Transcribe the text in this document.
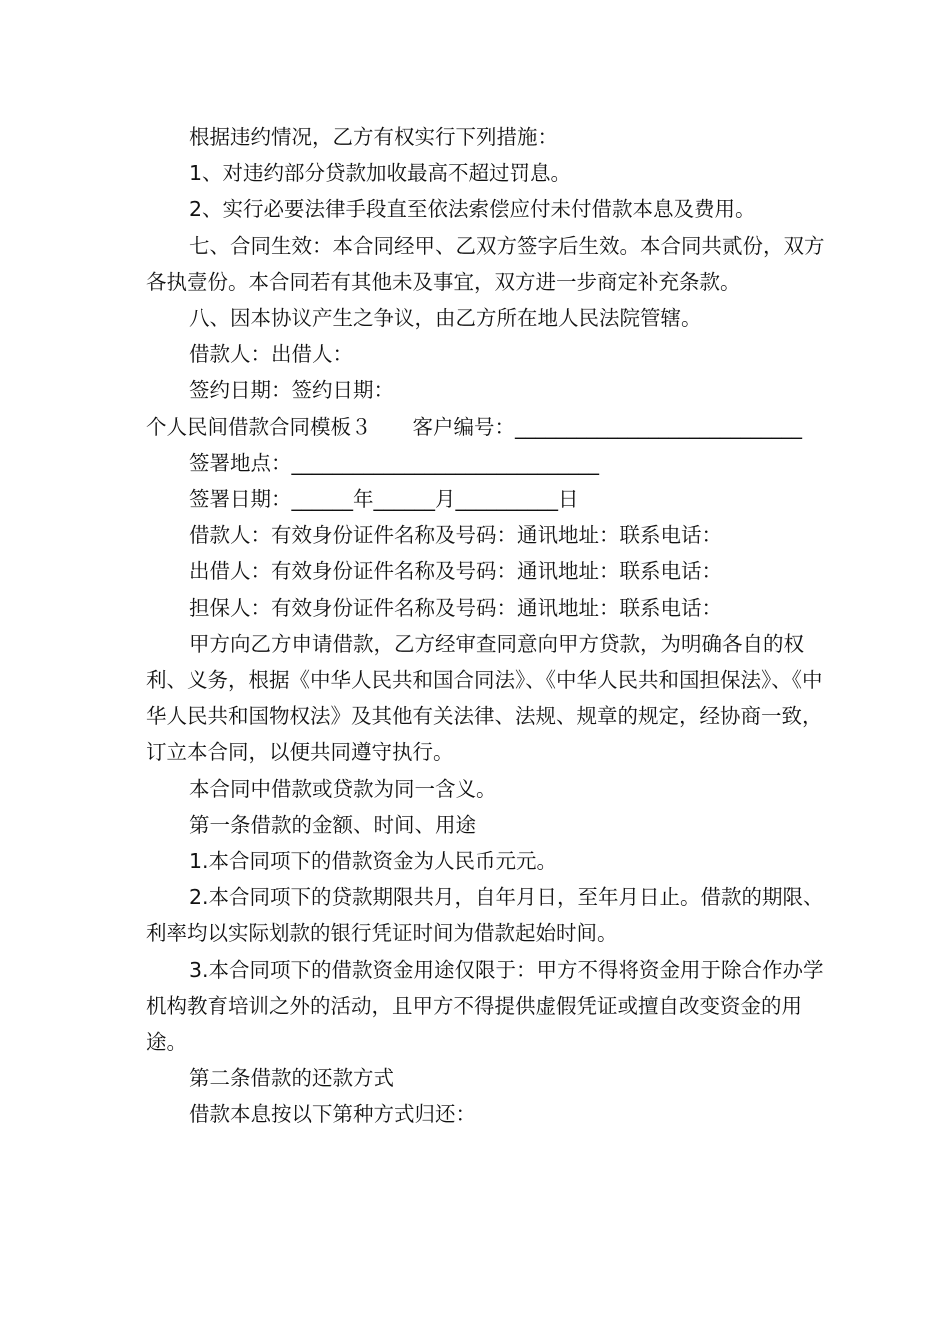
根据违约情况，乙方有权实行下列措施：

1、对违约部分贷款加收最高不超过罚息。

2、实行必要法律手段直至依法索偿应付未付借款本息及费用。

七、合同生效：本合同经甲、乙双方签字后生效。本合同共贰份，双方各执壹份。本合同若有其他未及事宜，双方进一步商定补充条款。

八、因本协议产生之争议，由乙方所在地人民法院管辖。

借款人：出借人：

签约日期：签约日期：

个人民间借款合同模板３　　客户编号：____________________________

签署地点：______________________________

签署日期：______年______月__________日

借款人：有效身份证件名称及号码：通讯地址：联系电话：

出借人：有效身份证件名称及号码：通讯地址：联系电话：

担保人：有效身份证件名称及号码：通讯地址：联系电话：

甲方向乙方申请借款，乙方经审查同意向甲方贷款，为明确各自的权利、义务，根据《中华人民共和国合同法》、《中华人民共和国担保法》、《中华人民共和国物权法》及其他有关法律、法规、规章的规定，经协商一致，订立本合同，以便共同遵守执行。

本合同中借款或贷款为同一含义。

第一条借款的金额、时间、用途

1.本合同项下的借款资金为人民币元元。

2.本合同项下的贷款期限共月，自年月日，至年月日止。借款的期限、利率均以实际划款的银行凭证时间为借款起始时间。

3.本合同项下的借款资金用途仅限于：甲方不得将资金用于除合作办学机构教育培训之外的活动，且甲方不得提供虚假凭证或擅自改变资金的用途。

第二条借款的还款方式

借款本息按以下第种方式归还：
